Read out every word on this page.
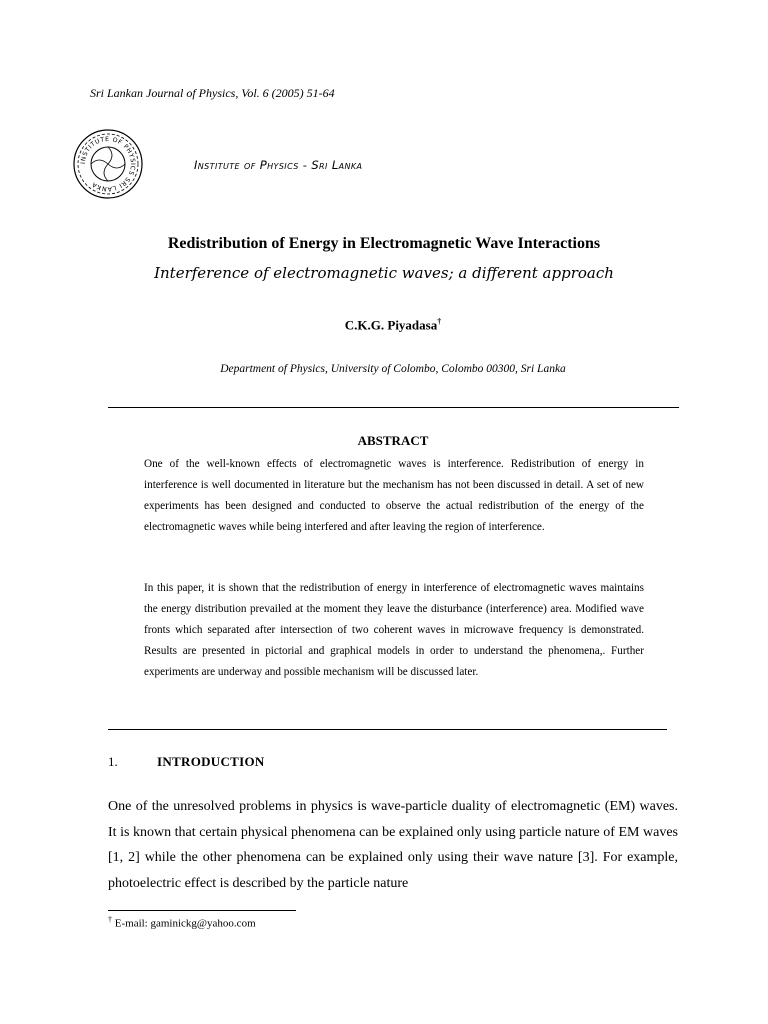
Sri Lankan Journal of Physics, Vol. 6 (2005) 51-64
INSTITUTE OF PHYSICS SRI LANKA
Institute of Physics - Sri Lanka
Redistribution of Energy in Electromagnetic Wave Interactions
Interference of electromagnetic waves; a different approach
C.K.G. Piyadasa†
Department of Physics, University of Colombo, Colombo 00300, Sri Lanka
ABSTRACT
One of the well-known effects of electromagnetic waves is interference. Redistribution of energy in interference is well documented in literature but the mechanism has not been discussed in detail. A set of new experiments has been designed and conducted to observe the actual redistribution of the energy of the electromagnetic waves while being interfered and after leaving the region of interference.
In this paper, it is shown that the redistribution of energy in interference of electromagnetic waves maintains the energy distribution prevailed at the moment they leave the disturbance (interference) area. Modified wave fronts which separated after intersection of two coherent waves in microwave frequency is demonstrated. Results are presented in pictorial and graphical models in order to understand the phenomena,. Further experiments are underway and possible mechanism will be discussed later.
1.	INTRODUCTION
One of the unresolved problems in physics is wave-particle duality of electromagnetic (EM) waves. It is known that certain physical phenomena can be explained only using particle nature of EM waves [1, 2] while the other phenomena can be explained only using their wave nature [3]. For example, photoelectric effect is described by the particle nature
† E-mail: gaminickg@yahoo.com
